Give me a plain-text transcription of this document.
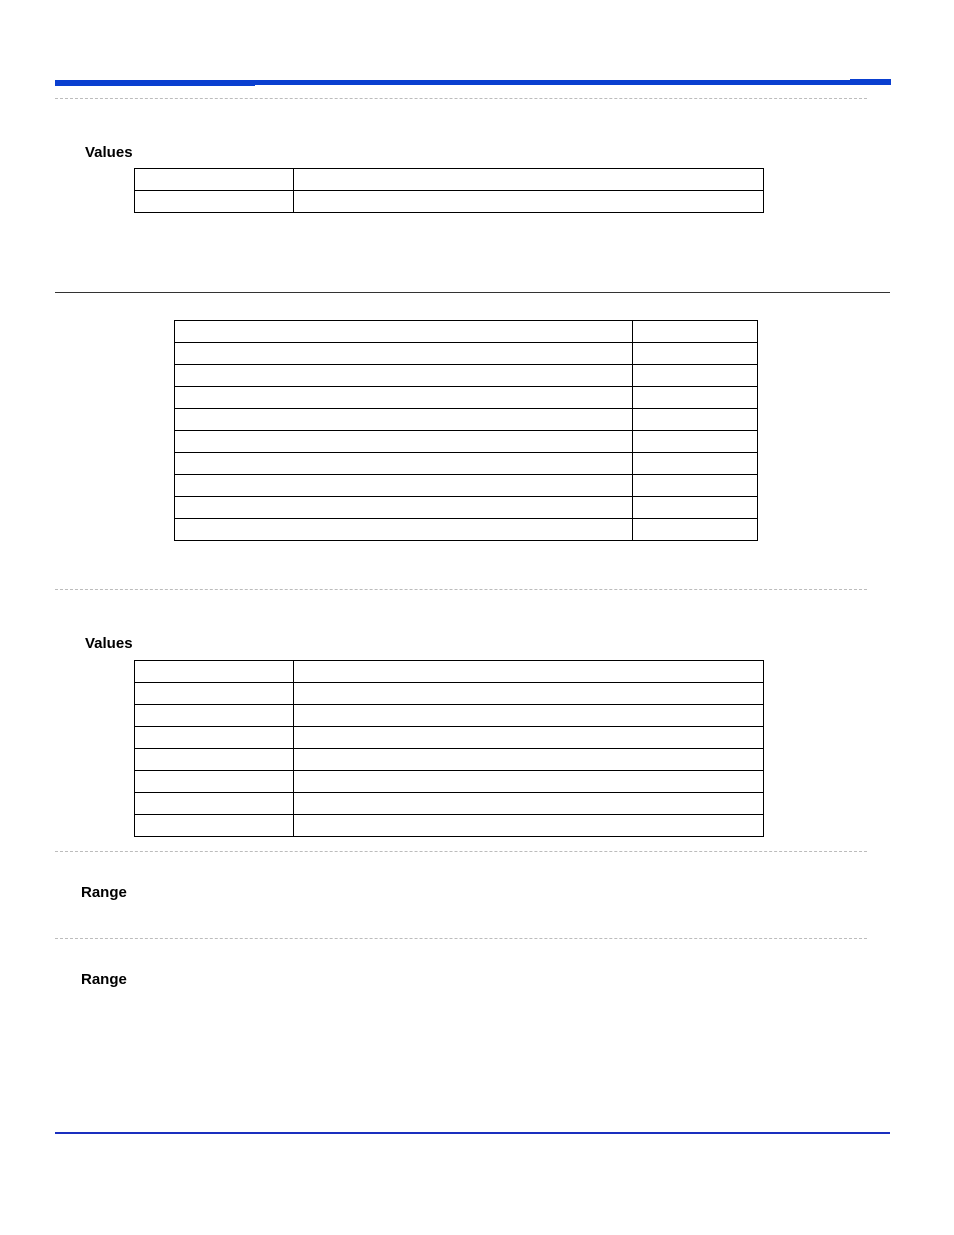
Values

Values

Range
Range
